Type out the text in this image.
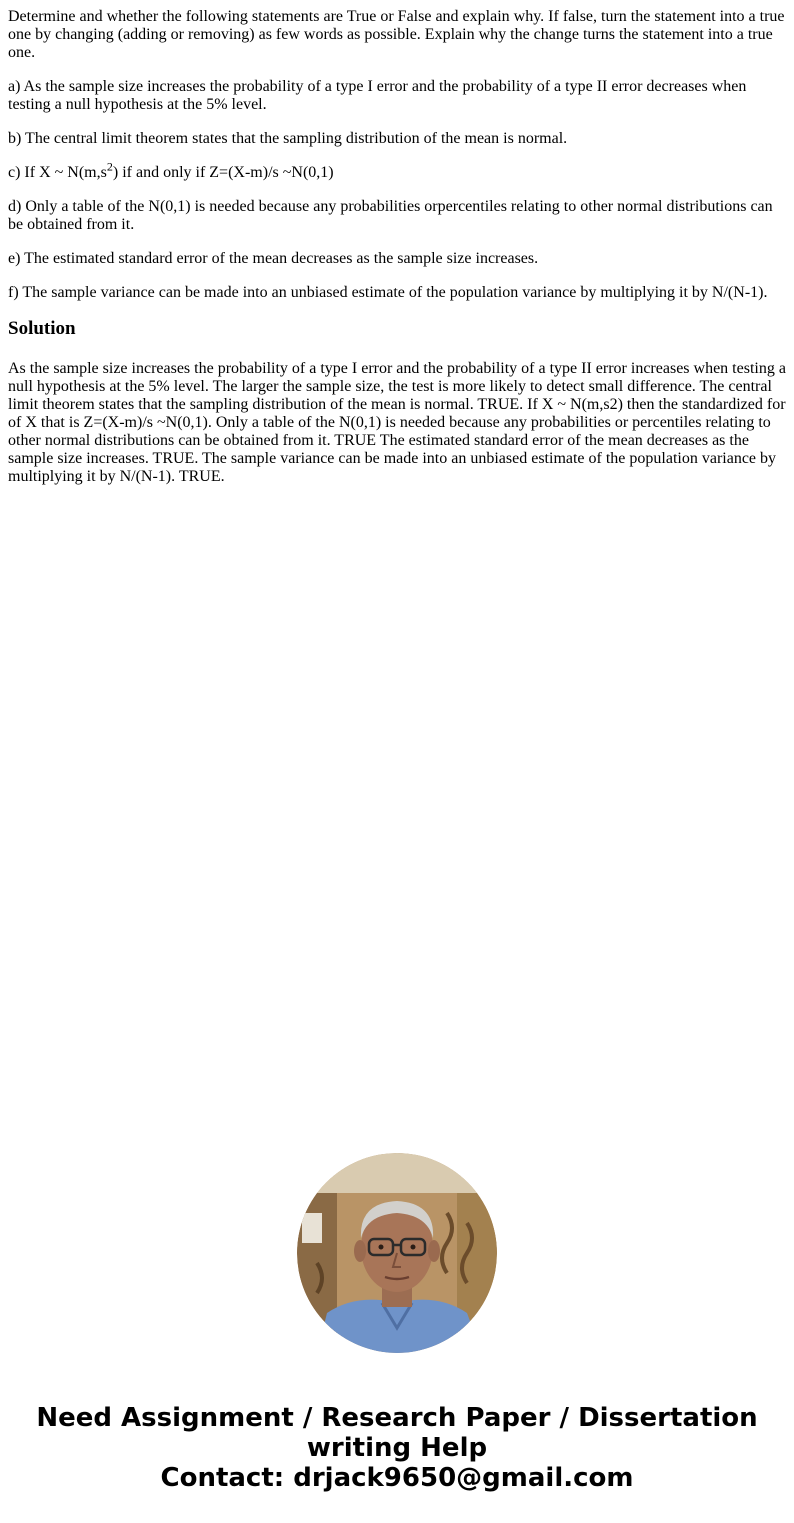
Determine and whether the following statements are True or False and explain why. If false, turn the statement into a true one by changing (adding or removing) as few words as possible. Explain why the change turns the statement into a true one.

a) As the sample size increases the probability of a type I error and the probability of a type II error decreases when testing a null hypothesis at the 5% level.

b) The central limit theorem states that the sampling distribution of the mean is normal.

c) If X ~ $N(m,s^2)$ if and only if Z=(X-m)/s ~N(0,1)

d) Only a table of the N(0,1) is needed because any probabilities orpercentiles relating to other normal distributions can be obtained from it.

e) The estimated standard error of the mean decreases as the sample size increases.

f) The sample variance can be made into an unbiased estimate of the population variance by multiplying it by N/(N-1).

Solution

As the sample size increases the probability of a type I error and the probability of a type II error increases when testing a null hypothesis at the 5% level. The larger the sample size, the test is more likely to detect small difference. The central limit theorem states that the sampling distribution of the mean is normal. TRUE. If X ~ N(m,s2) then the standardized for of X that is Z=(X-m)/s ~N(0,1). Only a table of the N(0,1) is needed because any probabilities or percentiles relating to other normal distributions can be obtained from it. TRUE The estimated standard error of the mean decreases as the sample size increases. TRUE. The sample variance can be made into an unbiased estimate of the population variance by multiplying it by N/(N-1). TRUE.

Need Assignment / Research Paper / Dissertation
writing Help
Contact: drjack9650@gmail.com
